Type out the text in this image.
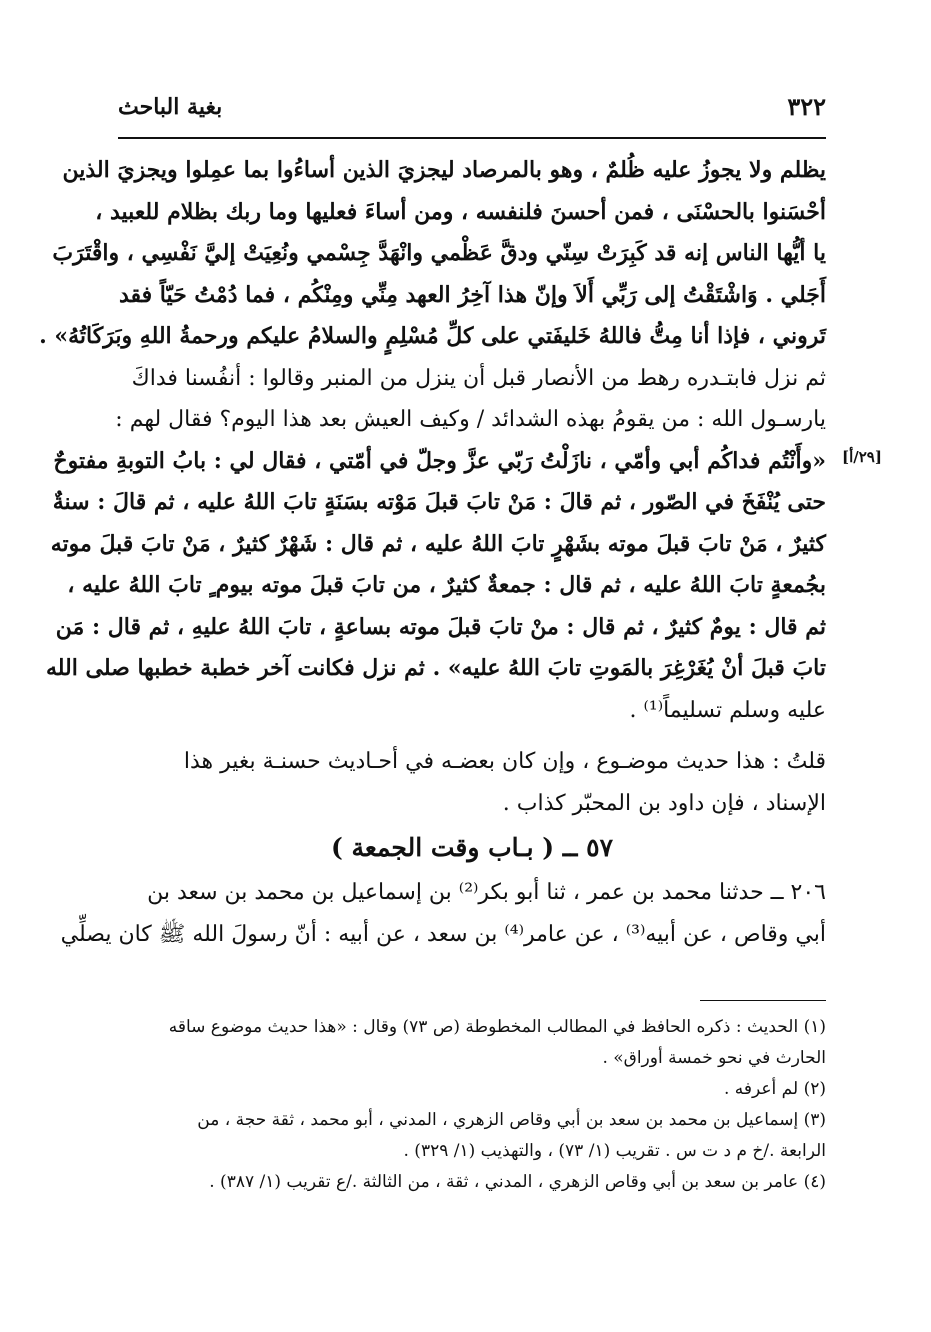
٣٢٢
بغية الباحث
[٢٩/أ]
يظلم ولا يجوزُ عليه ظُلمٌ ، وهو بالمرصاد ليجزيَ الذين أساءُوا بما عمِلوا ويجزيَ الذين
أحْسَنوا بالحسْنَى ، فمن أحسنَ فلنفسه ، ومن أساءَ فعليها وما ربك بظلام للعبيد ،
يا أيُّها الناس إنه قد كَبِرَتْ سِنّي ودقَّ عَظْمي وانْهَدَّ جِسْمي ونُعِيَتْ إليَّ نَفْسِي ، واقْتَرَبَ
أَجَلي . وَاشْتَقْتُ إلى رَبِّي أَلاَ وإنّ هذا آخِرُ العهد مِنِّي ومِنْكُم ، فما دُمْتُ حَيّاً فقد
تَروني ، فإذا أنا مِتُّ فاللهُ خَليفَتي على كلِّ مُسْلِمٍ والسلامُ عليكم ورحمةُ اللهِ وبَرَكَاتُهُ» .
ثم نزل فابتـدره رهط من الأنصار قبل أن ينزل من المنبر وقالوا : أنفُسنا فداكَ
يارسـول الله : من يقومُ بهذه الشدائد / وكيف العيش بعد هذا اليوم؟ فقال لهم :
«وأَنْتُم فداكُم أبي وأمّي ، نازَلْتُ رَبّي عزَّ وجلّ في أمّتي ، فقال لي : بابُ التوبةِ مفتوحٌ
حتى يُنْفَخَ في الصّور ، ثم قالَ : مَنْ تابَ قبلَ مَوْته بسَنَةٍ تابَ اللهُ عليه ، ثم قالَ : سنةٌ
كثيرٌ ، مَنْ تابَ قبلَ موته بشَهْرٍ تابَ اللهُ عليه ، ثم قال : شَهْرٌ كثيرٌ ، مَنْ تابَ قبلَ موته
بجُمعةٍ تابَ اللهُ عليه ، ثم قال : جمعةٌ كثيرٌ ، من تابَ قبلَ موته بيوم ٍ تابَ اللهُ عليه ،
ثم قال : يومٌ كثيرٌ ، ثم قال : منْ تابَ قبلَ موته بساعةٍ ، تابَ اللهُ عليهِ ، ثم قال : مَن
تابَ قبلَ أنْ يُغَرْغِرَ بالمَوتِ تابَ اللهُ عليه» . ثم نزل فكانت آخر خطبة خطبها صلى الله
عليه وسلم تسليماً⁽¹⁾ .
قلتُ : هذا حديث موضـوع ، وإن كان بعضـه في أحـاديث حسنـة بغير هذا
الإسناد ، فإن داود بن المحبّر كذاب .
٥٧ ــ ( بـاب وقت الجمعة )
٢٠٦ ــ حدثنا محمد بن عمر ، ثنا أبو بكر⁽²⁾ بن إسماعيل بن محمد بن سعد بن
أبي وقاص ، عن أبيه⁽³⁾ ، عن عامر⁽⁴⁾ بن سعد ، عن أبيه : أنّ رسولَ الله ﷺ كان يصلِّي
(١) الحديث : ذكره الحافظ في المطالب المخطوطة (ص ٧٣) وقال : «هذا حديث موضوع ساقه
الحارث في نحو خمسة أوراق» .
(٢) لم أعرفه .
(٣) إسماعيل بن محمد بن سعد بن أبي وقاص الزهري ، المدني ، أبو محمد ، ثقة حجة ، من
الرابعة ./خ م د ت س . تقريب (١/ ٧٣) ، والتهذيب (١/ ٣٢٩) .
(٤) عامر بن سعد بن أبي وقاص الزهري ، المدني ، ثقة ، من الثالثة ./ع تقريب (١/ ٣٨٧) .
